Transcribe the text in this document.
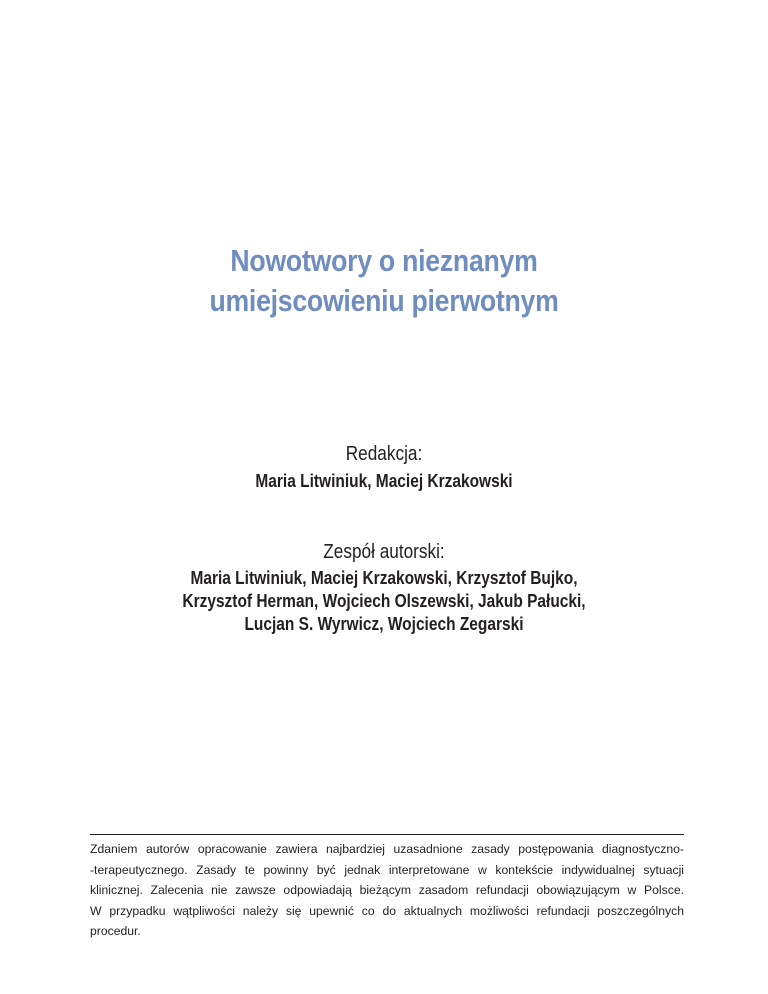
Nowotwory o nieznanym
umiejscowieniu pierwotnym
Redakcja:
Maria Litwiniuk, Maciej Krzakowski
Zespół autorski:
Maria Litwiniuk, Maciej Krzakowski, Krzysztof Bujko,
Krzysztof Herman, Wojciech Olszewski, Jakub Pałucki,
Lucjan S. Wyrwicz, Wojciech Zegarski
Zdaniem autorów opracowanie zawiera najbardziej uzasadnione zasady postępowania diagnostyczno-
-terapeutycznego. Zasady te powinny być jednak interpretowane w kontekście indywidualnej sytuacji
klinicznej. Zalecenia nie zawsze odpowiadają bieżącym zasadom refundacji obowiązującym w Polsce.
W przypadku wątpliwości należy się upewnić co do aktualnych możliwości refundacji poszczególnych
procedur.
